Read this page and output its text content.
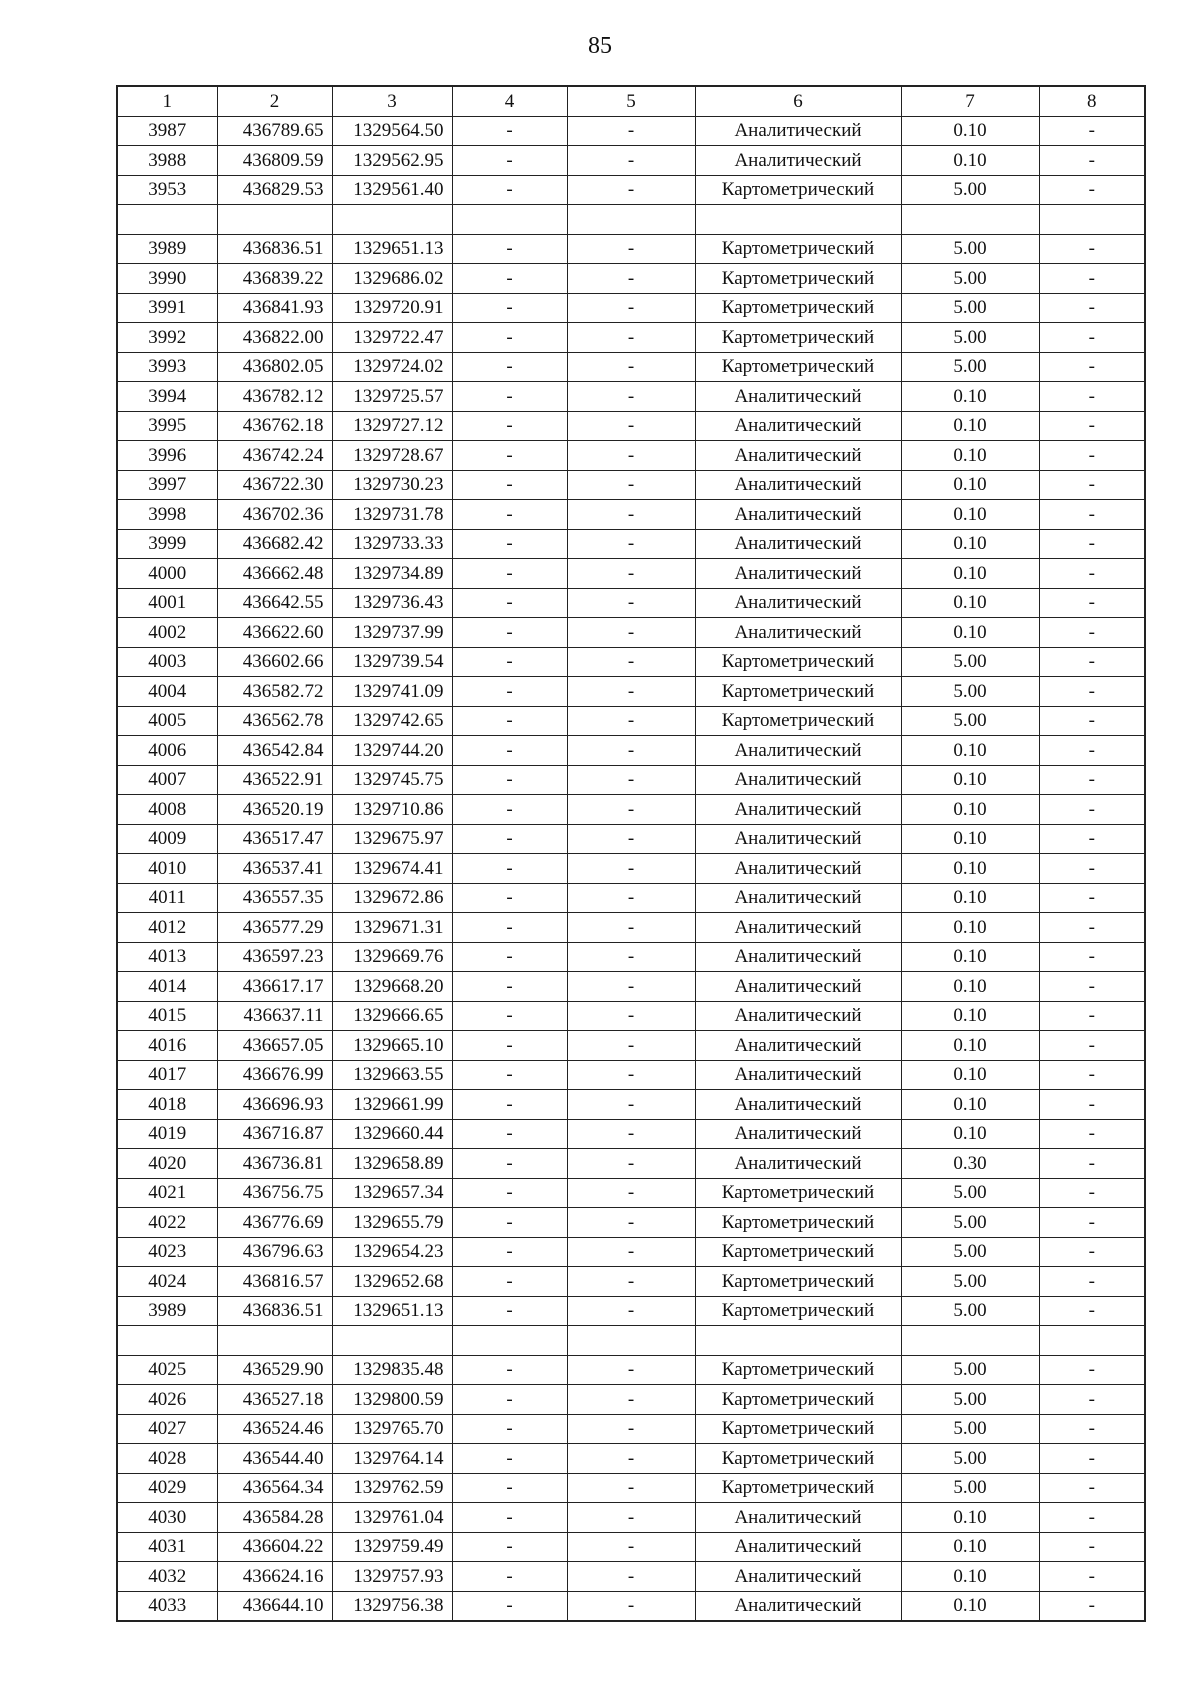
85
1	2	3	4	5	6	7	8
3987	436789.65	1329564.50	-	-	Аналитический	0.10	-
3988	436809.59	1329562.95	-	-	Аналитический	0.10	-
3953	436829.53	1329561.40	-	-	Картометрический	5.00	-

3989	436836.51	1329651.13	-	-	Картометрический	5.00	-
3990	436839.22	1329686.02	-	-	Картометрический	5.00	-
3991	436841.93	1329720.91	-	-	Картометрический	5.00	-
3992	436822.00	1329722.47	-	-	Картометрический	5.00	-
3993	436802.05	1329724.02	-	-	Картометрический	5.00	-
3994	436782.12	1329725.57	-	-	Аналитический	0.10	-
3995	436762.18	1329727.12	-	-	Аналитический	0.10	-
3996	436742.24	1329728.67	-	-	Аналитический	0.10	-
3997	436722.30	1329730.23	-	-	Аналитический	0.10	-
3998	436702.36	1329731.78	-	-	Аналитический	0.10	-
3999	436682.42	1329733.33	-	-	Аналитический	0.10	-
4000	436662.48	1329734.89	-	-	Аналитический	0.10	-
4001	436642.55	1329736.43	-	-	Аналитический	0.10	-
4002	436622.60	1329737.99	-	-	Аналитический	0.10	-
4003	436602.66	1329739.54	-	-	Картометрический	5.00	-
4004	436582.72	1329741.09	-	-	Картометрический	5.00	-
4005	436562.78	1329742.65	-	-	Картометрический	5.00	-
4006	436542.84	1329744.20	-	-	Аналитический	0.10	-
4007	436522.91	1329745.75	-	-	Аналитический	0.10	-
4008	436520.19	1329710.86	-	-	Аналитический	0.10	-
4009	436517.47	1329675.97	-	-	Аналитический	0.10	-
4010	436537.41	1329674.41	-	-	Аналитический	0.10	-
4011	436557.35	1329672.86	-	-	Аналитический	0.10	-
4012	436577.29	1329671.31	-	-	Аналитический	0.10	-
4013	436597.23	1329669.76	-	-	Аналитический	0.10	-
4014	436617.17	1329668.20	-	-	Аналитический	0.10	-
4015	436637.11	1329666.65	-	-	Аналитический	0.10	-
4016	436657.05	1329665.10	-	-	Аналитический	0.10	-
4017	436676.99	1329663.55	-	-	Аналитический	0.10	-
4018	436696.93	1329661.99	-	-	Аналитический	0.10	-
4019	436716.87	1329660.44	-	-	Аналитический	0.10	-
4020	436736.81	1329658.89	-	-	Аналитический	0.30	-
4021	436756.75	1329657.34	-	-	Картометрический	5.00	-
4022	436776.69	1329655.79	-	-	Картометрический	5.00	-
4023	436796.63	1329654.23	-	-	Картометрический	5.00	-
4024	436816.57	1329652.68	-	-	Картометрический	5.00	-
3989	436836.51	1329651.13	-	-	Картометрический	5.00	-

4025	436529.90	1329835.48	-	-	Картометрический	5.00	-
4026	436527.18	1329800.59	-	-	Картометрический	5.00	-
4027	436524.46	1329765.70	-	-	Картометрический	5.00	-
4028	436544.40	1329764.14	-	-	Картометрический	5.00	-
4029	436564.34	1329762.59	-	-	Картометрический	5.00	-
4030	436584.28	1329761.04	-	-	Аналитический	0.10	-
4031	436604.22	1329759.49	-	-	Аналитический	0.10	-
4032	436624.16	1329757.93	-	-	Аналитический	0.10	-
4033	436644.10	1329756.38	-	-	Аналитический	0.10	-
